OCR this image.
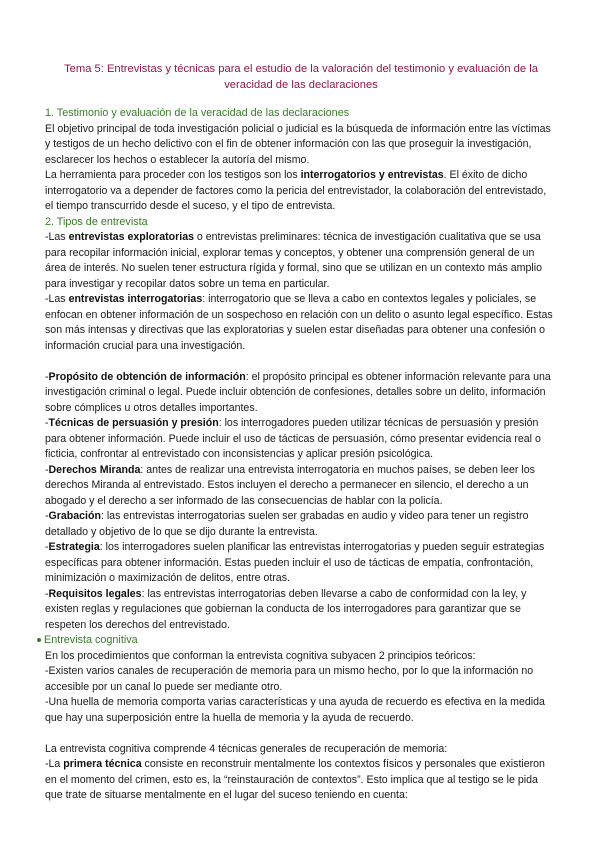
Tema 5: Entrevistas y técnicas para el estudio de la valoración del testimonio y evaluación de la veracidad de las declaraciones
1. Testimonio y evaluación de la veracidad de las declaraciones

El objetivo principal de toda investigación policial o judicial es la búsqueda de información entre las víctimas y testigos de un hecho delictivo con el fin de obtener información con las que proseguir la investigación, esclarecer los hechos o establecer la autoría del mismo.

La herramienta para proceder con los testigos son los interrogatorios y entrevistas. El éxito de dicho interrogatorio va a depender de factores como la pericia del entrevistador, la colaboración del entrevistado, el tiempo transcurrido desde el suceso, y el tipo de entrevista.

2. Tipos de entrevista

-Las entrevistas exploratorias o entrevistas preliminares: técnica de investigación cualitativa que se usa para recopilar información inicial, explorar temas y conceptos, y obtener una comprensión general de un área de interés. No suelen tener estructura rígida y formal, sino que se utilizan en un contexto más amplio para investigar y recopilar datos sobre un tema en particular.

-Las entrevistas interrogatorias: interrogatorio que se lleva a cabo en contextos legales y policiales, se enfocan en obtener información de un sospechoso en relación con un delito o asunto legal específico. Estas son más intensas y directivas que las exploratorias y suelen estar diseñadas para obtener una confesión o información crucial para una investigación.

-Propósito de obtención de información: el propósito principal es obtener información relevante para una investigación criminal o legal. Puede incluir obtención de confesiones, detalles sobre un delito, información sobre cómplices u otros detalles importantes.

-Técnicas de persuasión y presión: los interrogadores pueden utilizar técnicas de persuasión y presión para obtener información. Puede incluir el uso de tácticas de persuasión, cómo presentar evidencia real o ficticia, confrontar al entrevistado con inconsistencias y aplicar presión psicológica.

-Derechos Miranda: antes de realizar una entrevista interrogatoria en muchos países, se deben leer los derechos Miranda al entrevistado. Estos incluyen el derecho a permanecer en silencio, el derecho a un abogado y el derecho a ser informado de las consecuencias de hablar con la policía.

-Grabación: las entrevistas interrogatorias suelen ser grabadas en audio y video para tener un registro detallado y objetivo de lo que se dijo durante la entrevista.

-Estrategia: los interrogadores suelen planificar las entrevistas interrogatorias y pueden seguir estrategias específicas para obtener información. Estas pueden incluir el uso de tácticas de empatía, confrontación, minimización o maximización de delitos, entre otras.

-Requisitos legales: las entrevistas interrogatorias deben llevarse a cabo de conformidad con la ley, y existen reglas y regulaciones que gobiernan la conducta de los interrogadores para garantizar que se respeten los derechos del entrevistado.

Entrevista cognitiva

En los procedimientos que conforman la entrevista cognitiva subyacen 2 principios teóricos:

-Existen varios canales de recuperación de memoria para un mismo hecho, por lo que la información no accesible por un canal lo puede ser mediante otro.

-Una huella de memoria comporta varias características y una ayuda de recuerdo es efectiva en la medida que hay una superposición entre la huella de memoria y la ayuda de recuerdo.

La entrevista cognitiva comprende 4 técnicas generales de recuperación de memoria:

-La primera técnica consiste en reconstruir mentalmente los contextos físicos y personales que existieron en el momento del crimen, esto es, la “reinstauración de contextos”. Esto implica que al testigo se le pida que trate de situarse mentalmente en el lugar del suceso teniendo en cuenta:
